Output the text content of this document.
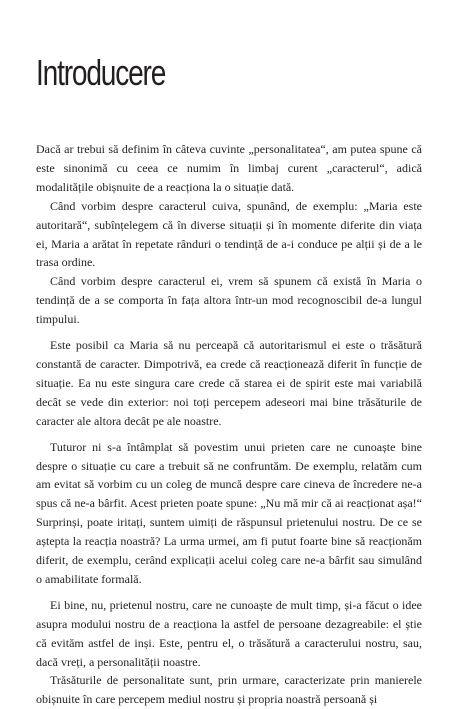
Introducere

Dacă ar trebui să definim în câteva cuvinte „personalitatea“, am putea spune că este sinonimă cu ceea ce numim în limbaj curent „caracterul“, adică modalitățile obișnuite de a reacționa la o situație dată.

Când vorbim despre caracterul cuiva, spunând, de exemplu: „Maria este autoritară“, subînțelegem că în diverse situații și în momente diferite din viața ei, Maria a arătat în repetate rânduri o tendință de a-i conduce pe alții și de a le trasa ordine.

Când vorbim despre caracterul ei, vrem să spunem că există în Maria o tendință de a se comporta în fața altora într-un mod recognoscibil de-a lungul timpului.

Este posibil ca Maria să nu perceapă că autoritarismul ei este o trăsătură constantă de caracter. Dimpotrivă, ea crede că reacționează diferit în funcție de situație. Ea nu este singura care crede că starea ei de spirit este mai variabilă decât se vede din exterior: noi toți percepem adeseori mai bine trăsăturile de caracter ale altora decât pe ale noastre.

Tuturor ni s-a întâmplat să povestim unui prieten care ne cunoaște bine despre o situație cu care a trebuit să ne confruntăm. De exemplu, relatăm cum am evitat să vorbim cu un coleg de muncă despre care cineva de încredere ne-a spus că ne-a bârfit. Acest prieten poate spune: „Nu mă mir că ai reacționat așa!“ Surprinși, poate iritați, suntem uimiți de răspunsul prietenului nostru. De ce se aștepta la reacția noastră? La urma urmei, am fi putut foarte bine să reacționăm diferit, de exemplu, cerând explicații acelui coleg care ne-a bârfit sau simulând o amabilitate formală.

Ei bine, nu, prietenul nostru, care ne cunoaște de mult timp, și-a făcut o idee asupra modului nostru de a reacționa la astfel de persoane dezagreabile: el știe că evităm astfel de inși. Este, pentru el, o trăsătură a caracterului nostru, sau, dacă vreți, a personalității noastre.

Trăsăturile de personalitate sunt, prin urmare, caracterizate prin manierele obișnuite în care percepem mediul nostru și propria noastră persoană și
